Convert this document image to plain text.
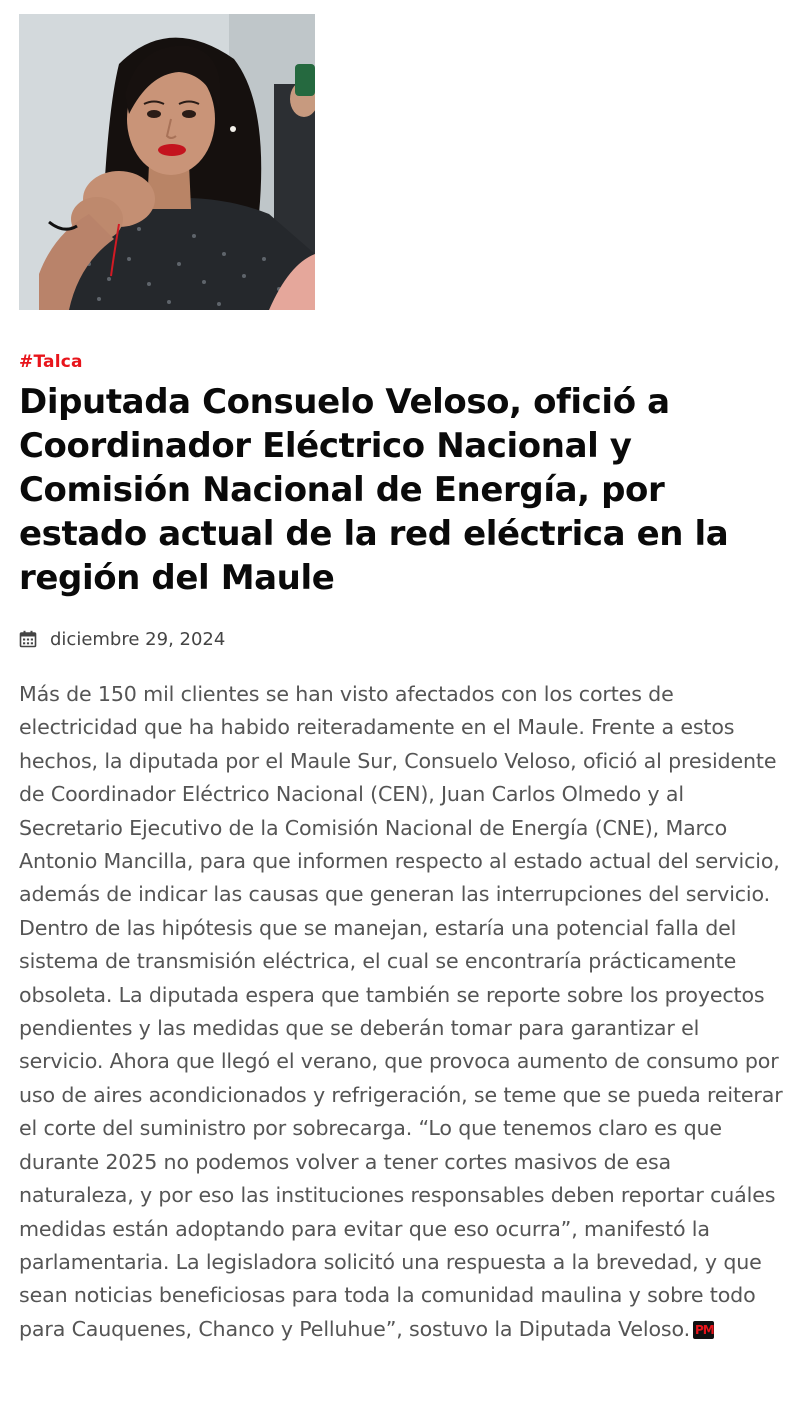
#Talca
Diputada Consuelo Veloso, ofició a Coordinador Eléctrico Nacional y Comisión Nacional de Energía, por estado actual de la red eléctrica en la región del Maule
diciembre 29, 2024

Más de 150 mil clientes se han visto afectados con los cortes de electricidad que ha habido reiteradamente en el Maule. Frente a estos hechos, la diputada por el Maule Sur, Consuelo Veloso, ofició al presidente de Coordinador Eléctrico Nacional (CEN), Juan Carlos Olmedo y al Secretario Ejecutivo de la Comisión Nacional de Energía (CNE), Marco Antonio Mancilla, para que informen respecto al estado actual del servicio, además de indicar las causas que generan las interrupciones del servicio. Dentro de las hipótesis que se manejan, estaría una potencial falla del sistema de transmisión eléctrica, el cual se encontraría prácticamente obsoleta. La diputada espera que también se reporte sobre los proyectos pendientes y las medidas que se deberán tomar para garantizar el servicio. Ahora que llegó el verano, que provoca aumento de consumo por uso de aires acondicionados y refrigeración, se teme que se pueda reiterar el corte del suministro por sobrecarga. “Lo que tenemos claro es que durante 2025 no podemos volver a tener cortes masivos de esa naturaleza, y por eso las instituciones responsables deben reportar cuáles medidas están adoptando para evitar que eso ocurra”, manifestó la parlamentaria. La legisladora solicitó una respuesta a la brevedad, y que sean noticias beneficiosas para toda la comunidad maulina y sobre todo para Cauquenes, Chanco y Pelluhue”, sostuvo la Diputada Veloso. PM
